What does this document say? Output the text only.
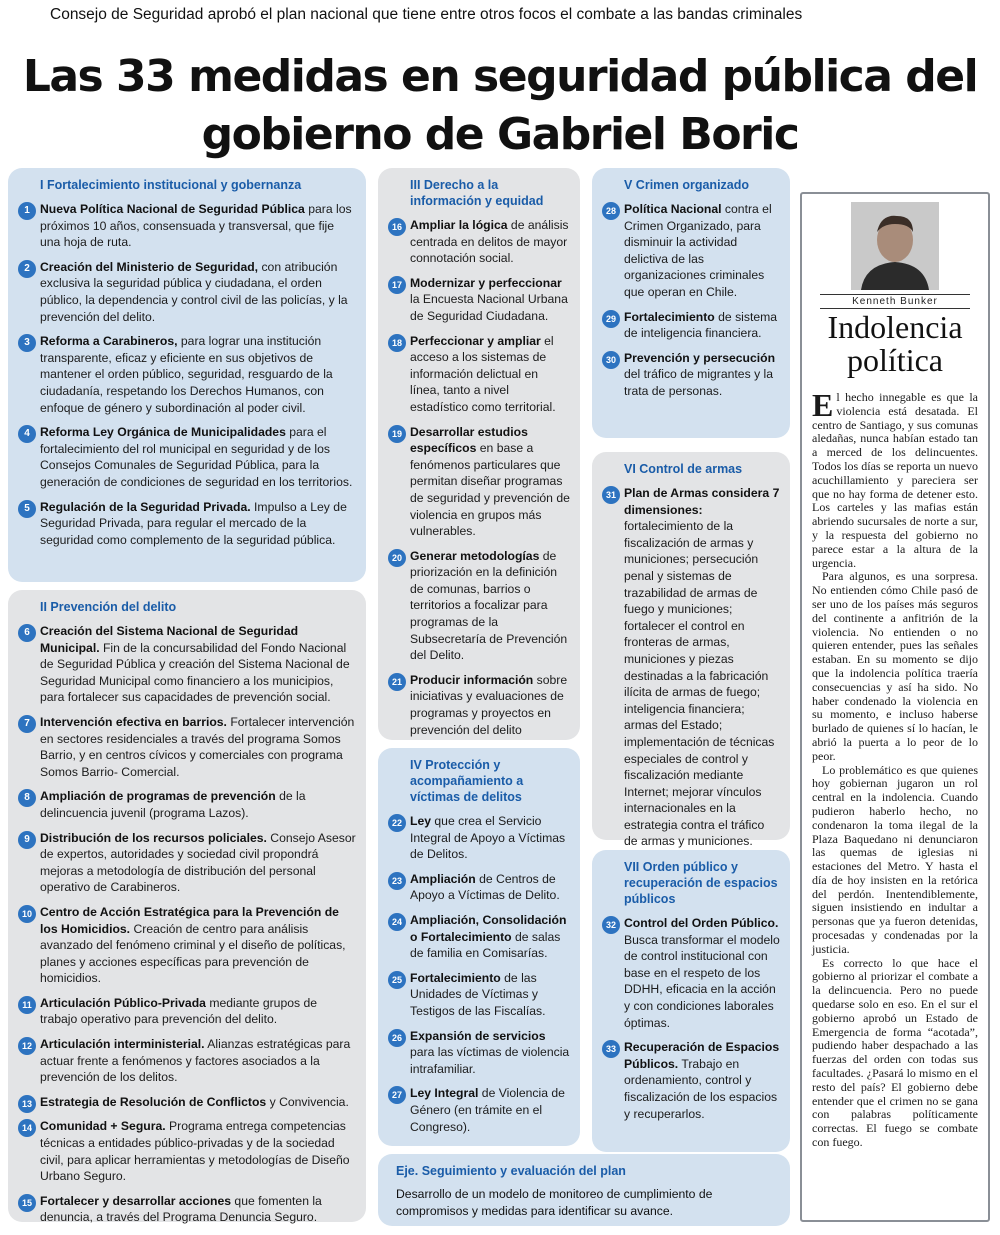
Consejo de Seguridad aprobó el plan nacional que tiene entre otros focos el combate a las bandas criminales
Las 33 medidas en seguridad pública del
gobierno de Gabriel Boric
I Fortalecimiento institucional y gobernanza
1 Nueva Política Nacional de Seguridad Pública para los próximos 10 años, consensuada y transversal, que fije una hoja de ruta.
2 Creación del Ministerio de Seguridad, con atribución exclusiva la seguridad pública y ciudadana, el orden público, la dependencia y control civil de las policías, y la prevención del delito.
3 Reforma a Carabineros, para lograr una institución transparente, eficaz y eficiente en sus objetivos de mantener el orden público, seguridad, resguardo de la ciudadanía, respetando los Derechos Humanos, con enfoque de género y subordinación al poder civil.
4 Reforma Ley Orgánica de Municipalidades para el fortalecimiento del rol municipal en seguridad y de los Consejos Comunales de Seguridad Pública, para la generación de condiciones de seguridad en los territorios.
5 Regulación de la Seguridad Privada. Impulso a Ley de Seguridad Privada, para regular el mercado de la seguridad como complemento de la seguridad pública.
II Prevención del delito
6 Creación del Sistema Nacional de Seguridad Municipal. Fin de la concursabilidad del Fondo Nacional de Seguridad Pública y creación del Sistema Nacional de Seguridad Municipal como financiero a los municipios, para fortalecer sus capacidades de prevención social.
7 Intervención efectiva en barrios. Fortalecer intervención en sectores residenciales a través del programa Somos Barrio, y en centros cívicos y comerciales con programa Somos Barrio- Comercial.
8 Ampliación de programas de prevención de la delincuencia juvenil (programa Lazos).
9 Distribución de los recursos policiales. Consejo Asesor de expertos, autoridades y sociedad civil propondrá mejoras a metodología de distribución del personal operativo de Carabineros.
10 Centro de Acción Estratégica para la Prevención de los Homicidios. Creación de centro para análisis avanzado del fenómeno criminal y el diseño de políticas, planes y acciones específicas para prevención de homicidios.
11 Articulación Público-Privada mediante grupos de trabajo operativo para prevención del delito.
12 Articulación interministerial. Alianzas estratégicas para actuar frente a fenómenos y factores asociados a la prevención de los delitos.
13 Estrategia de Resolución de Conflictos y Convivencia.
14 Comunidad + Segura. Programa entrega competencias técnicas a entidades público-privadas y de la sociedad civil, para aplicar herramientas y metodologías de Diseño Urbano Seguro.
15 Fortalecer y desarrollar acciones que fomenten la denuncia, a través del Programa Denuncia Seguro.
III Derecho a la información y equidad
16 Ampliar la lógica de análisis centrada en delitos de mayor connotación social.
17 Modernizar y perfeccionar la Encuesta Nacional Urbana de Seguridad Ciudadana.
18 Perfeccionar y ampliar el acceso a los sistemas de información delictual en línea, tanto a nivel estadístico como territorial.
19 Desarrollar estudios específicos en base a fenómenos particulares que permitan diseñar programas de seguridad y prevención de violencia en grupos más vulnerables.
20 Generar metodologías de priorización en la definición de comunas, barrios o territorios a focalizar para programas de la Subsecretaría de Prevención del Delito.
21 Producir información sobre iniciativas y evaluaciones de programas y proyectos en prevención del delito
IV Protección y acompañamiento a víctimas de delitos
22 Ley que crea el Servicio Integral de Apoyo a Víctimas de Delitos.
23 Ampliación de Centros de Apoyo a Víctimas de Delito.
24 Ampliación, Consolidación o Fortalecimiento de salas de familia en Comisarías.
25 Fortalecimiento de las Unidades de Víctimas y Testigos de las Fiscalías.
26 Expansión de servicios para las víctimas de violencia intrafamiliar.
27 Ley Integral de Violencia de Género (en trámite en el Congreso).
V Crimen organizado
28 Política Nacional contra el Crimen Organizado, para disminuir la actividad delictiva de las organizaciones criminales que operan en Chile.
29 Fortalecimiento de sistema de inteligencia financiera.
30 Prevención y persecución del tráfico de migrantes y la trata de personas.
VI Control de armas
31 Plan de Armas considera 7 dimensiones: fortalecimiento de la fiscalización de armas y municiones; persecución penal y sistemas de trazabilidad de armas de fuego y municiones; fortalecer el control en fronteras de armas, municiones y piezas destinadas a la fabricación ilícita de armas de fuego; inteligencia financiera; armas del Estado; implementación de técnicas especiales de control y fiscalización mediante Internet; mejorar vínculos internacionales en la estrategia contra el tráfico de armas y municiones.
VII Orden público y recuperación de espacios públicos
32 Control del Orden Público. Busca transformar el modelo de control institucional con base en el respeto de los DDHH, eficacia en la acción y con condiciones laborales óptimas.
33 Recuperación de Espacios Públicos. Trabajo en ordenamiento, control y fiscalización de los espacios y recuperarlos.
Eje. Seguimiento y evaluación del plan
Desarrollo de un modelo de monitoreo de cumplimiento de compromisos y medidas para identificar su avance.
Kenneth Bunker
Indolencia política

El hecho innegable es que la violencia está desatada. El centro de Santiago, y sus comunas aledañas, nunca habían estado tan a merced de los delincuentes. Todos los días se reporta un nuevo acuchillamiento y pareciera ser que no hay forma de detener esto. Los carteles y las mafias están abriendo sucursales de norte a sur, y la respuesta del gobierno no parece estar a la altura de la urgencia.

Para algunos, es una sorpresa. No entienden cómo Chile pasó de ser uno de los países más seguros del continente a anfitrión de la violencia. No entienden o no quieren entender, pues las señales estaban. En su momento se dijo que la indolencia política traería consecuencias y así ha sido. No haber condenado la violencia en su momento, e incluso haberse burlado de quienes sí lo hacían, le abrió la puerta a lo peor de lo peor.

Lo problemático es que quienes hoy gobiernan jugaron un rol central en la indolencia. Cuando pudieron haberlo hecho, no condenaron la toma ilegal de la Plaza Baquedano ni denunciaron las quemas de iglesias ni estaciones del Metro. Y hasta el día de hoy insisten en la retórica del perdón. Inentendiblemente, siguen insistiendo en indultar a personas que ya fueron detenidas, procesadas y condenadas por la justicia.

Es correcto lo que hace el gobierno al priorizar el combate a la delincuencia. Pero no puede quedarse solo en eso. En el sur el gobierno aprobó un Estado de Emergencia de forma “acotada”, pudiendo haber despachado a las fuerzas del orden con todas sus facultades. ¿Pasará lo mismo en el resto del país? El gobierno debe entender que el crimen no se gana con palabras políticamente correctas. El fuego se combate con fuego.
